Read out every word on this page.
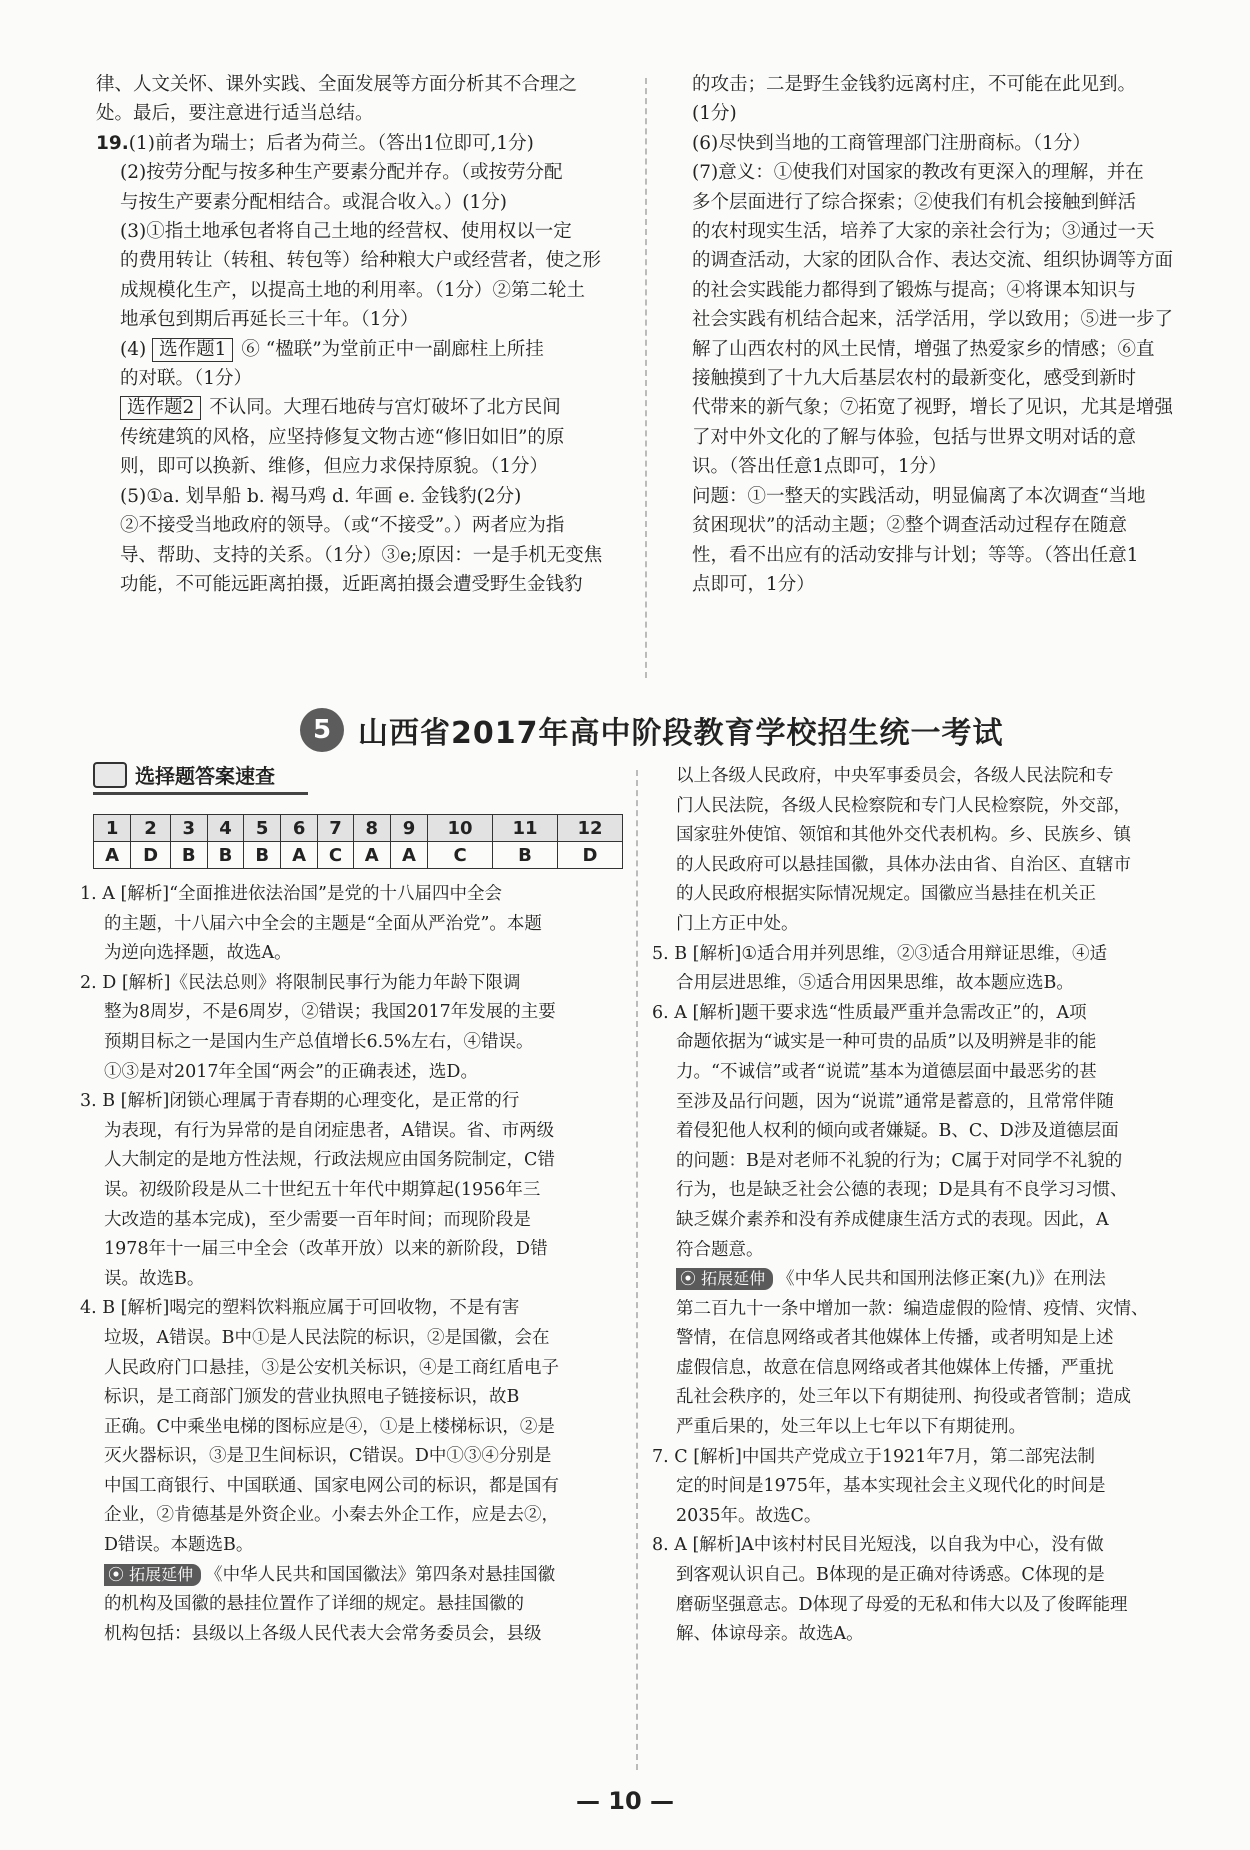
律、人文关怀、课外实践、全面发展等方面分析其不合理之

处。最后，要注意进行适当总结。

19.(1)前者为瑞士；后者为荷兰。（答出1位即可,1分)

(2)按劳分配与按多种生产要素分配并存。（或按劳分配

与按生产要素分配相结合。或混合收入。）(1分)

(3)①指土地承包者将自己土地的经营权、使用权以一定

的费用转让（转租、转包等）给种粮大户或经营者，使之形

成规模化生产，以提高土地的利用率。（1分）②第二轮土

地承包到期后再延长三十年。（1分）

(4) 选作题1 ⑥ “楹联”为堂前正中一副廊柱上所挂

的对联。（1分）

选作题2 不认同。大理石地砖与宫灯破坏了北方民间

传统建筑的风格，应坚持修复文物古迹“修旧如旧”的原

则，即可以换新、维修，但应力求保持原貌。（1分）

(5)①a. 划旱船 b. 褐马鸡 d. 年画 e. 金钱豹(2分)

②不接受当地政府的领导。（或“不接受”。）两者应为指

导、帮助、支持的关系。（1分）③e;原因：一是手机无变焦

功能，不可能远距离拍摄，近距离拍摄会遭受野生金钱豹

的攻击；二是野生金钱豹远离村庄，不可能在此见到。

(1分)

(6)尽快到当地的工商管理部门注册商标。（1分）

(7)意义：①使我们对国家的教改有更深入的理解，并在

多个层面进行了综合探索；②使我们有机会接触到鲜活

的农村现实生活，培养了大家的亲社会行为；③通过一天

的调查活动，大家的团队合作、表达交流、组织协调等方面

的社会实践能力都得到了锻炼与提高；④将课本知识与

社会实践有机结合起来，活学活用，学以致用；⑤进一步了

解了山西农村的风土民情，增强了热爱家乡的情感；⑥直

接触摸到了十九大后基层农村的最新变化，感受到新时

代带来的新气象；⑦拓宽了视野，增长了见识，尤其是增强

了对中外文化的了解与体验，包括与世界文明对话的意

识。（答出任意1点即可，1分）

问题：①一整天的实践活动，明显偏离了本次调查“当地

贫困现状”的活动主题；②整个调查活动过程存在随意

性，看不出应有的活动安排与计划；等等。（答出任意1

点即可，1分）

5 山西省2017年高中阶段教育学校招生统一考试
选择题答案速查
1	2	3	4	5	6	7	8	9	10	11	12
A	D	B	B	B	A	C	A	A	C	B	D

1. A [解析]“全面推进依法治国”是党的十八届四中全会

的主题，十八届六中全会的主题是“全面从严治党”。本题

为逆向选择题，故选A。

2. D [解析]《民法总则》将限制民事行为能力年龄下限调

整为8周岁，不是6周岁，②错误；我国2017年发展的主要

预期目标之一是国内生产总值增长6.5%左右，④错误。

①③是对2017年全国“两会”的正确表述，选D。

3. B [解析]闭锁心理属于青春期的心理变化，是正常的行

为表现，有行为异常的是自闭症患者，A错误。省、市两级

人大制定的是地方性法规，行政法规应由国务院制定，C错

误。初级阶段是从二十世纪五十年代中期算起(1956年三

大改造的基本完成)，至少需要一百年时间；而现阶段是

1978年十一届三中全会（改革开放）以来的新阶段，D错

误。故选B。

4. B [解析]喝完的塑料饮料瓶应属于可回收物，不是有害

垃圾，A错误。B中①是人民法院的标识，②是国徽，会在

人民政府门口悬挂，③是公安机关标识，④是工商红盾电子

标识，是工商部门颁发的营业执照电子链接标识，故B

正确。C中乘坐电梯的图标应是④，①是上楼梯标识，②是

灭火器标识，③是卫生间标识，C错误。D中①③④分别是

中国工商银行、中国联通、国家电网公司的标识，都是国有

企业，②肯德基是外资企业。小秦去外企工作，应是去②，

D错误。本题选B。

⦿ 拓展延伸 《中华人民共和国国徽法》第四条对悬挂国徽

的机构及国徽的悬挂位置作了详细的规定。悬挂国徽的

机构包括：县级以上各级人民代表大会常务委员会，县级

以上各级人民政府，中央军事委员会，各级人民法院和专

门人民法院，各级人民检察院和专门人民检察院，外交部，

国家驻外使馆、领馆和其他外交代表机构。乡、民族乡、镇

的人民政府可以悬挂国徽，具体办法由省、自治区、直辖市

的人民政府根据实际情况规定。国徽应当悬挂在机关正

门上方正中处。

5. B [解析]①适合用并列思维，②③适合用辩证思维，④适

合用层进思维，⑤适合用因果思维，故本题应选B。

6. A [解析]题干要求选“性质最严重并急需改正”的，A项

命题依据为“诚实是一种可贵的品质”以及明辨是非的能

力。“不诚信”或者“说谎”基本为道德层面中最恶劣的甚

至涉及品行问题，因为“说谎”通常是蓄意的，且常常伴随

着侵犯他人权利的倾向或者嫌疑。B、C、D涉及道德层面

的问题：B是对老师不礼貌的行为；C属于对同学不礼貌的

行为，也是缺乏社会公德的表现；D是具有不良学习习惯、

缺乏媒介素养和没有养成健康生活方式的表现。因此，A

符合题意。

⦿ 拓展延伸 《中华人民共和国刑法修正案(九)》在刑法

第二百九十一条中增加一款：编造虚假的险情、疫情、灾情、

警情，在信息网络或者其他媒体上传播，或者明知是上述

虚假信息，故意在信息网络或者其他媒体上传播，严重扰

乱社会秩序的，处三年以下有期徒刑、拘役或者管制；造成

严重后果的，处三年以上七年以下有期徒刑。

7. C [解析]中国共产党成立于1921年7月，第二部宪法制

定的时间是1975年，基本实现社会主义现代化的时间是

2035年。故选C。

8. A [解析]A中该村村民目光短浅，以自我为中心，没有做

到客观认识自己。B体现的是正确对待诱惑。C体现的是

磨砺坚强意志。D体现了母爱的无私和伟大以及了俊晖能理

解、体谅母亲。故选A。

— 10 —
